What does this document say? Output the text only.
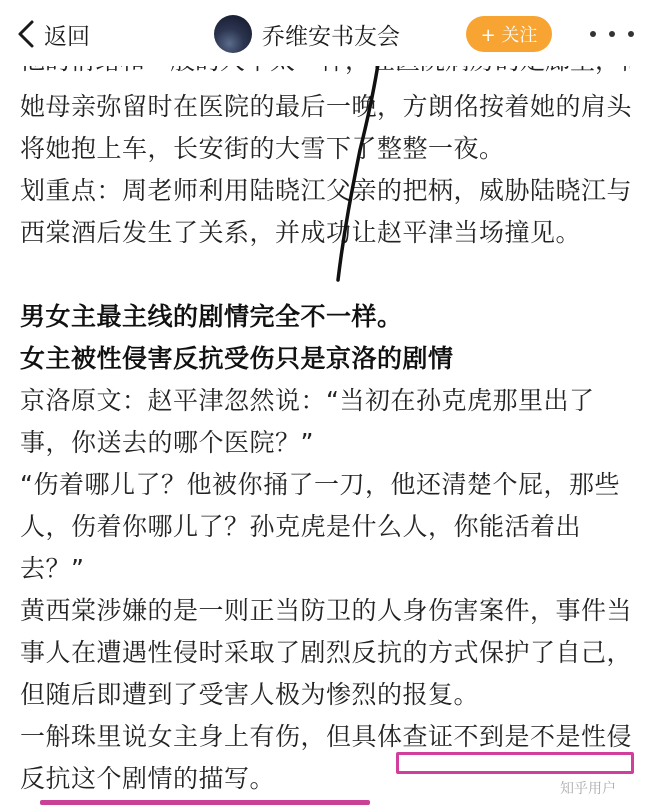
她母亲弥留时在医院的最后一晚，方朗佲按着她的肩头将她抱上车，长安街的大雪下了整整一夜。
划重点：周老师利用陆晓江父亲的把柄，威胁陆晓江与西棠酒后发生了关系，并成功让赵平津当场撞见。
男女主最主线的剧情完全不一样。
女主被性侵害反抗受伤只是京洛的剧情
京洛原文：赵平津忽然说：“当初在孙克虎那里出了事，你送去的哪个医院？”
“伤着哪儿了？他被你捅了一刀，他还清楚个屁，那些人，伤着你哪儿了？孙克虎是什么人，你能活着出去？”
黄西棠涉嫌的是一则正当防卫的人身伤害案件，事件当事人在遭遇性侵时采取了剧烈反抗的方式保护了自己，但随后即遭到了受害人极为惨烈的报复。
一斛珠里说女主身上有伤，但具体查证不到是不是性侵反抗这个剧情的描写。	知乎用户
返回	乔维安书友会	+ 关注
